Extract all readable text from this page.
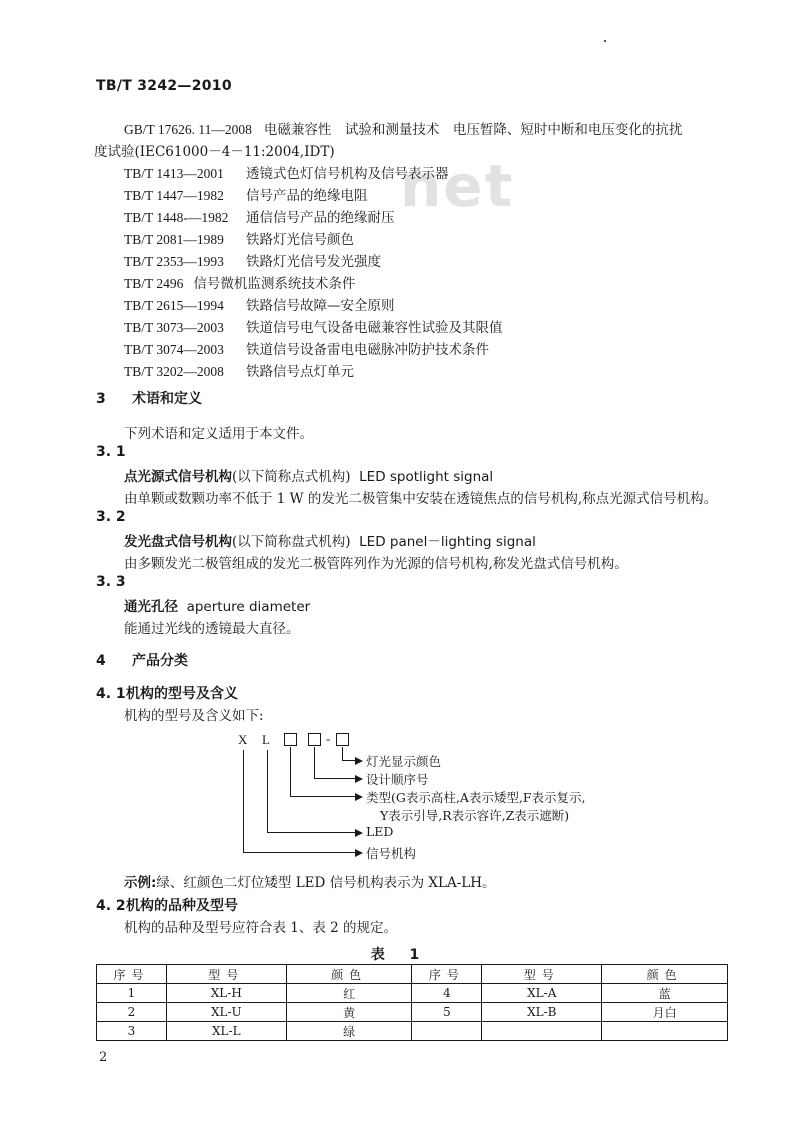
net
TB/T 3242—2010
GB/T 17626. 11—2008 电磁兼容性　试验和测量技术　电压暂降、短时中断和电压变化的抗扰
度试验(IEC61000－4－11:2004,IDT)
TB/T 1413—2001 透镜式色灯信号机构及信号表示器
TB/T 1447—1982 信号产品的绝缘电阻
TB/T 1448-—1982 通信信号产品的绝缘耐压
TB/T 2081—1989 铁路灯光信号颜色
TB/T 2353—1993 铁路灯光信号发光强度
TB/T 2496 信号微机监测系统技术条件
TB/T 2615—1994 铁路信号故障—安全原则
TB/T 3073—2003 铁道信号电气设备电磁兼容性试验及其限值
TB/T 3074—2003 铁道信号设备雷电电磁脉冲防护技术条件
TB/T 3202—2008 铁路信号点灯单元
3 术语和定义
下列术语和定义适用于本文件。
3. 1
点光源式信号机构(以下简称点式机构) LED spotlight signal
由单颗或数颗功率不低于 1 W 的发光二极管集中安装在透镜焦点的信号机构,称点光源式信号机构。
3. 2
发光盘式信号机构(以下简称盘式机构) LED panel－lighting signal
由多颗发光二极管组成的发光二极管阵列作为光源的信号机构,称发光盘式信号机构。
3. 3
通光孔径 aperture diameter
能通过光线的透镜最大直径。
4 产品分类
4. 1机构的型号及含义
机构的型号及含义如下:
X L	-
灯光显示颜色
设计顺序号
类型(G表示高柱,A表示矮型,F表示复示,
Y表示引导,R表示容许,Z表示遮断)
LED
信号机构
示例:绿、红颜色二灯位矮型 LED 信号机构表示为 XLA-LH。
4. 2机构的品种及型号
机构的品种及型号应符合表 1、表 2 的规定。
表 1
序号	型号	颜色	序号	型号	颜色
1	XL-H	红	4	XL-A	蓝
2	XL-U	黄	5	XL-B	月白
3	XL-L	绿			
2
